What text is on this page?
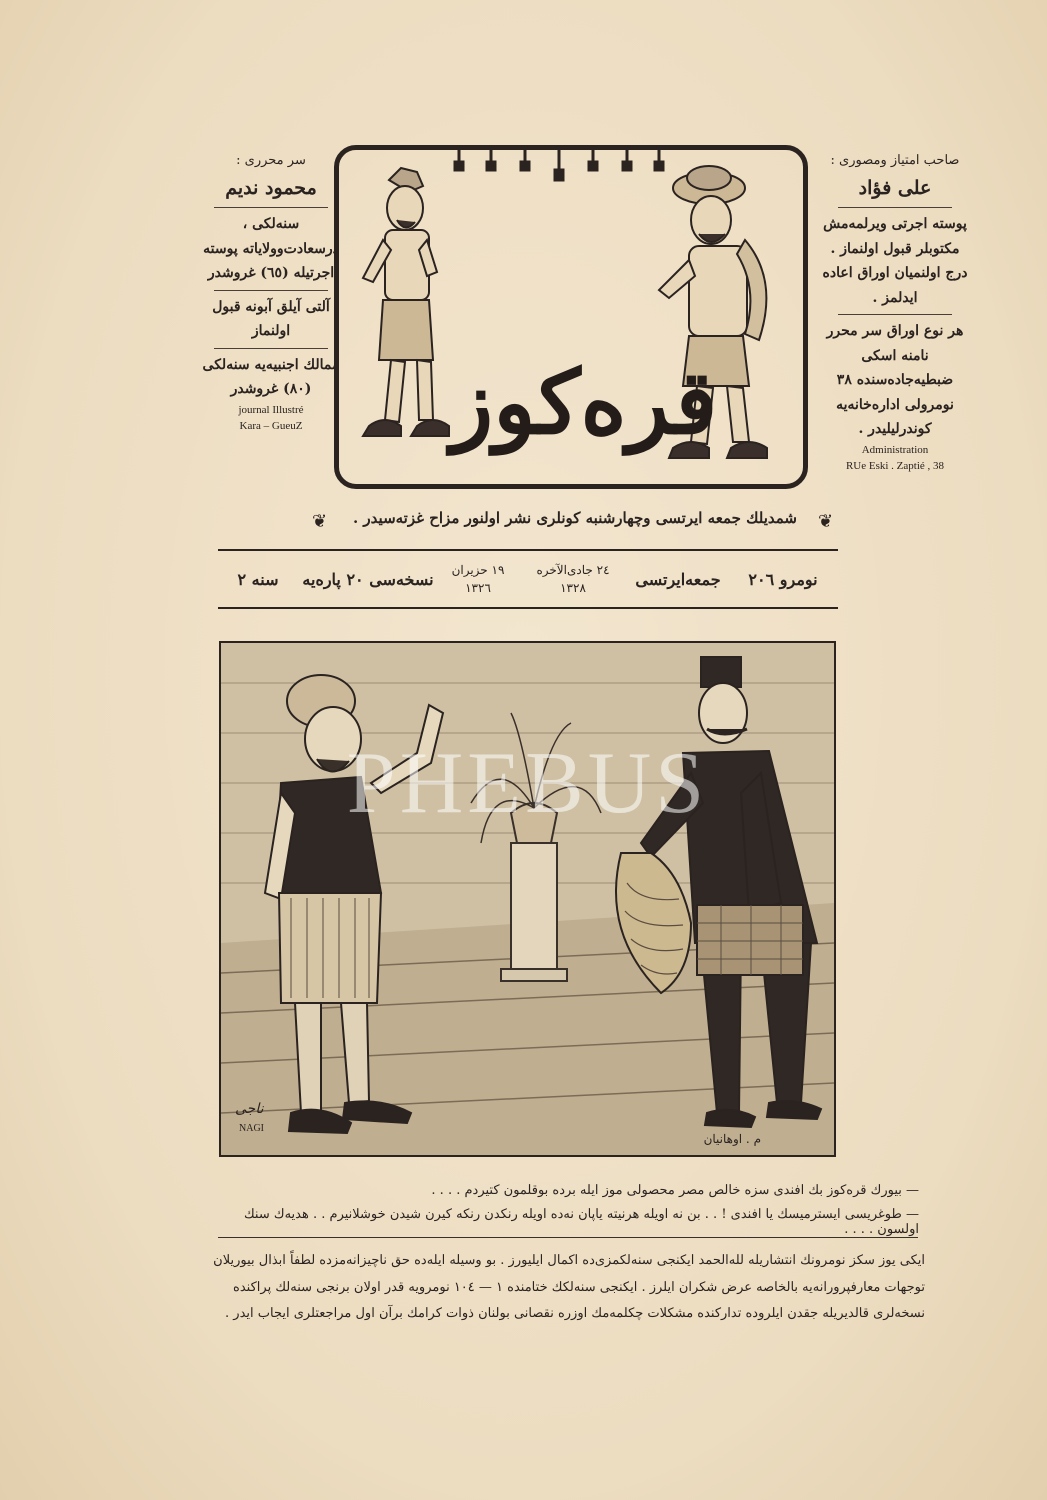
سر محرری :
محمود نديم
سنه‌لكی ، درسعادت‌وولایاته پوسته اجرتیله (٦٥) غروشدر
آلتی آیلق آبونه قبول اولنماز
ممالك اجنبيه‌يه سنه‌لكی (٨٠) غروشدر
journal Illustré
Kara – GueuZ
صاحب امتیاز ومصوری :
علی فؤاد
پوسته اجرتی ویرلمه‌مش مکتوبلر قبول اولنماز . درج اولنمیان اوراق اعاده ایدلمز .
هر نوع اوراق سر محرر نامنه اسکی ضبطیه‌جاده‌سنده ٣٨ نومرولی اداره‌خانه‌یه کوندرلیلیدر .
Administration
RUe Eski . Zaptié , 38
قره‌کوز
❦	شمدیلك جمعه ایرتسی وچهارشنبه کونلری نشر اولنور مزاح غزته‌سیدر .	❦
نومرو ٢٠٦
جمعه‌ایرتسی
٢٤ جادی‌الآخره
١٣٢٨
١٩ حزیران
١٣٢٦
نسخه‌سی ٢٠ پاره‌یه
سنه ٢
ناجی
NAGI
م . اوهانیان
PHEBUS
— بیورك قره‌کوز بك افندی سزه خالص مصر محصولی موز ایله برده بوقلمون کتیردم . . . .
— طوغریسی ایسترمیسك یا افندی ! . . بن نه اویله هرنیته یاپان نه‌ده اویله رنکدن رنکه کیرن شیدن خوشلانیرم . . هدیه‌ك سنك اولسون . . . .

ایکی یوز سکز نومرونك انتشاریله لله‌الحمد ایکنجی سنه‌لکمزی‌ده اکمال ایلیورز . بو وسیله ایله‌ده حق ناچیزانه‌مزده لطفاً ابذال بیوریلان

توجهات معارفپرورانه‌یه بالخاصه عرض شکران ایلرز . ایکنجی سنه‌لکك ختامنده ١ — ١٠٤ نومرویه قدر اولان برنجی سنه‌لك پراکنده

نسخه‌لری قالدیریله جقدن ایلروده تدارکنده مشکلات چکلمه‌مك اوزره نقصانی بولنان ذوات کرامك برآن اول مراجعتلری ایجاب ایدر .
